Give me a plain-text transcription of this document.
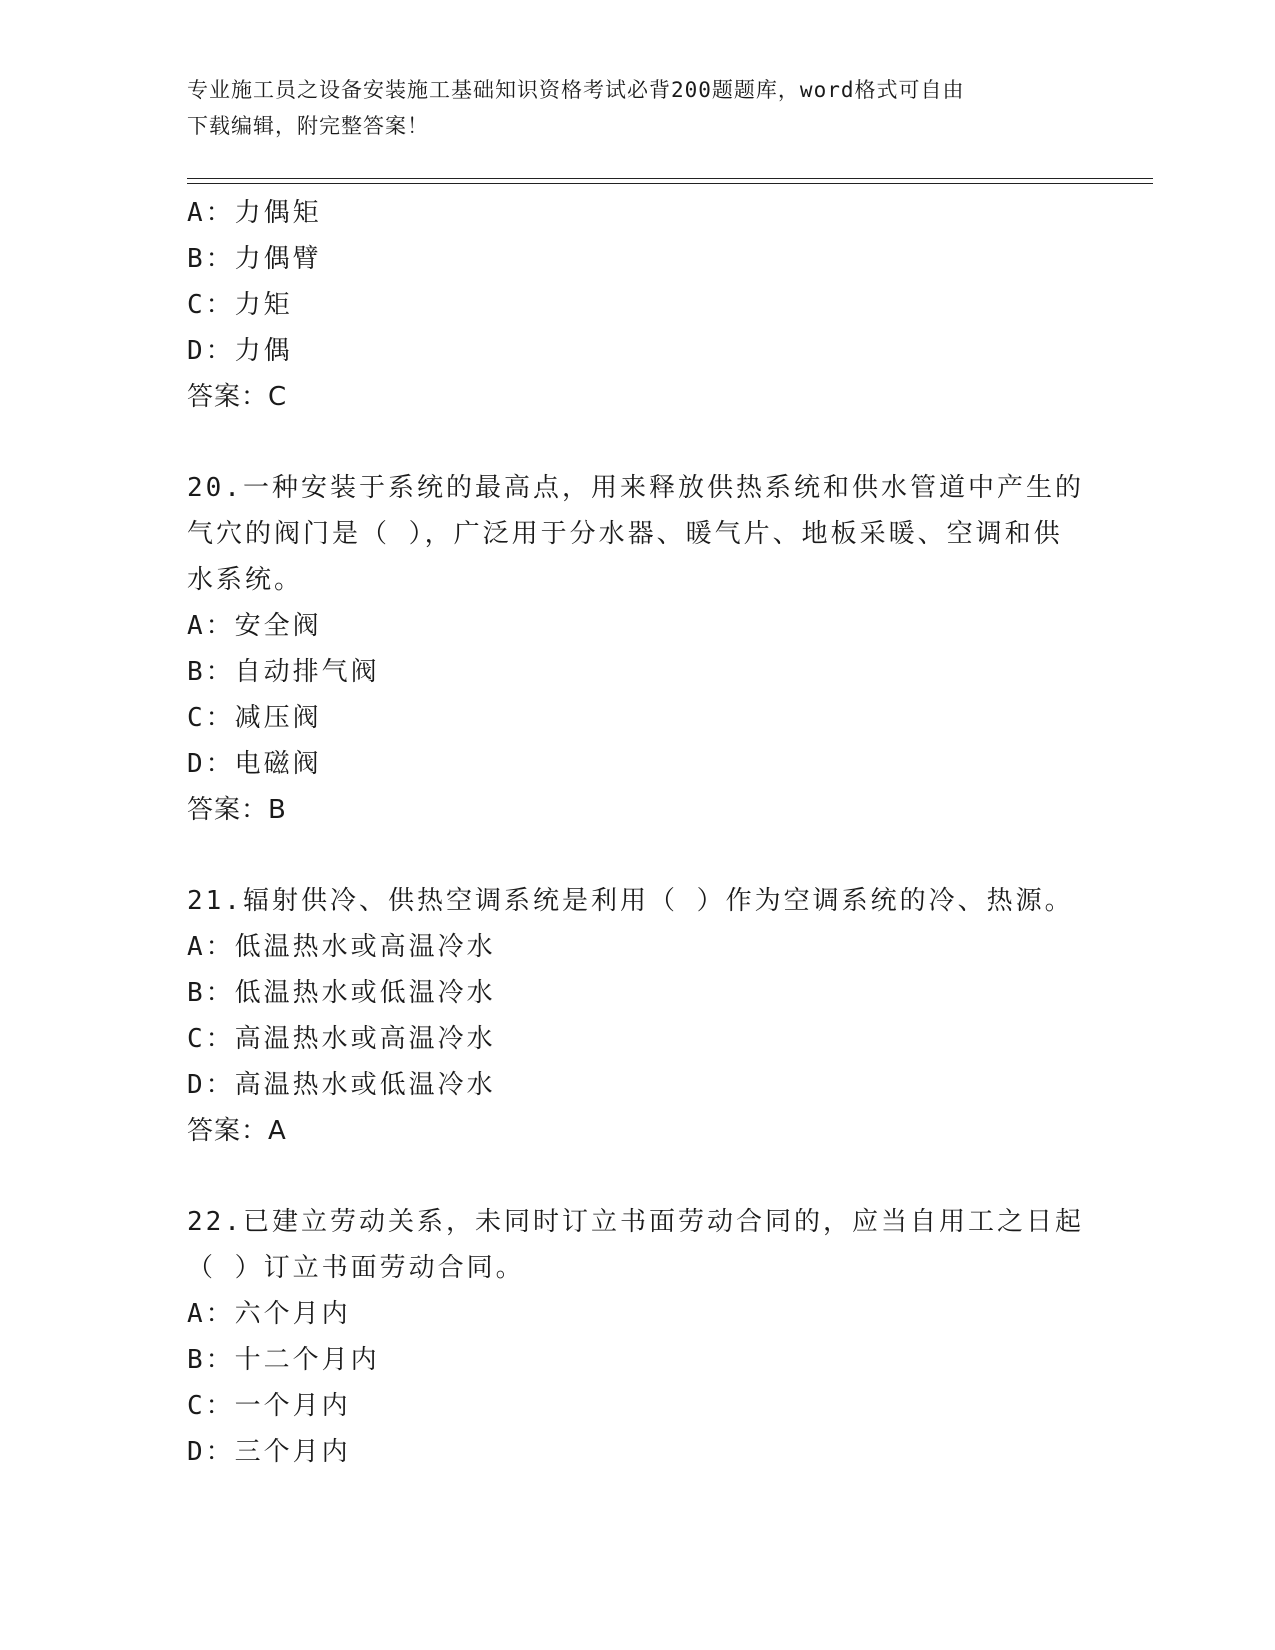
专业施工员之设备安装施工基础知识资格考试必背200题题库，word格式可自由
下载编辑，附完整答案！
A：力偶矩
B：力偶臂
C：力矩
D：力偶
答案：C
20.一种安装于系统的最高点，用来释放供热系统和供水管道中产生的
气穴的阀门是（ ），广泛用于分水器、暖气片、地板采暖、空调和供
水系统。
A：安全阀
B：自动排气阀
C：减压阀
D：电磁阀
答案：B
21.辐射供冷、供热空调系统是利用（ ）作为空调系统的冷、热源。
A：低温热水或高温冷水
B：低温热水或低温冷水
C：高温热水或高温冷水
D：高温热水或低温冷水
答案：A
22.已建立劳动关系，未同时订立书面劳动合同的，应当自用工之日起
（ ）订立书面劳动合同。
A：六个月内
B：十二个月内
C：一个月内
D：三个月内
